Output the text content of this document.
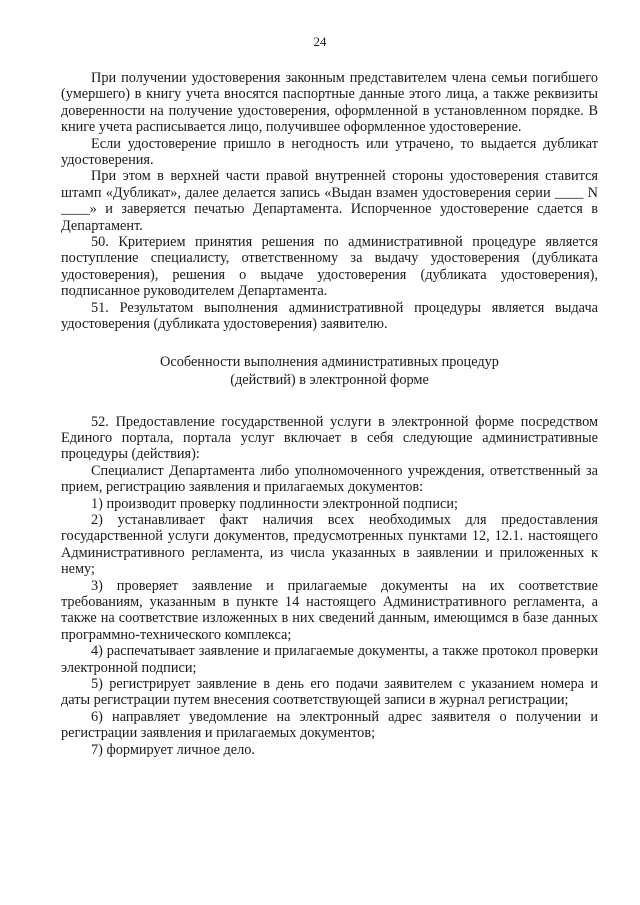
24

При получении удостоверения законным представителем члена семьи погибшего (умершего) в книгу учета вносятся паспортные данные этого лица, а также реквизиты доверенности на получение удостоверения, оформленной в установленном порядке. В книге учета расписывается лицо, получившее оформленное удостоверение.

Если удостоверение пришло в негодность или утрачено, то выдается дубликат удостоверения.

При этом в верхней части правой внутренней стороны удостоверения ставится штамп «Дубликат», далее делается запись «Выдан взамен удостоверения серии ____ N ____» и заверяется печатью Департамента. Испорченное удостоверение сдается в Департамент.

50. Критерием принятия решения по административной процедуре является поступление специалисту, ответственному за выдачу удостоверения (дубликата удостоверения), решения о выдаче удостоверения (дубликата удостоверения), подписанное руководителем Департамента.

51. Результатом выполнения административной процедуры является выдача удостоверения (дубликата удостоверения) заявителю.

Особенности выполнения административных процедур
(действий) в электронной форме

52. Предоставление государственной услуги в электронной форме посредством Единого портала, портала услуг включает в себя следующие административные процедуры (действия):

Специалист Департамента либо уполномоченного учреждения, ответственный за прием, регистрацию заявления и прилагаемых документов:

1) производит проверку подлинности электронной подписи;

2) устанавливает факт наличия всех необходимых для предоставления государственной услуги документов, предусмотренных пунктами 12, 12.1. настоящего Административного регламента, из числа указанных в заявлении и приложенных к нему;

3) проверяет заявление и прилагаемые документы на их соответствие требованиям, указанным в пункте 14 настоящего Административного регламента, а также на соответствие изложенных в них сведений данным, имеющимся в базе данных программно-технического комплекса;

4) распечатывает заявление и прилагаемые документы, а также протокол проверки электронной подписи;

5) регистрирует заявление в день его подачи заявителем с указанием номера и даты регистрации путем внесения соответствующей записи в журнал регистрации;

6) направляет уведомление на электронный адрес заявителя о получении и регистрации заявления и прилагаемых документов;

7) формирует личное дело.
